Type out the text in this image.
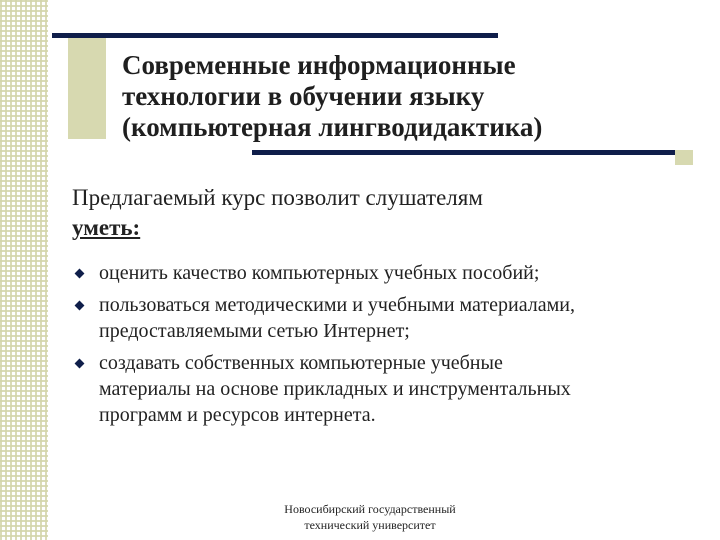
Современные информационные
технологии в обучении языку
(компьютерная лингводидактика)
Предлагаемый курс позволит слушателям
уметь:
оценить качество компьютерных учебных пособий;
пользоваться методическими и учебными материалами,
предоставляемыми сетью Интернет;
создавать собственных компьютерные учебные
материалы на основе прикладных и инструментальных
программ и ресурсов интернета.
Новосибирский государственный
технический университет
